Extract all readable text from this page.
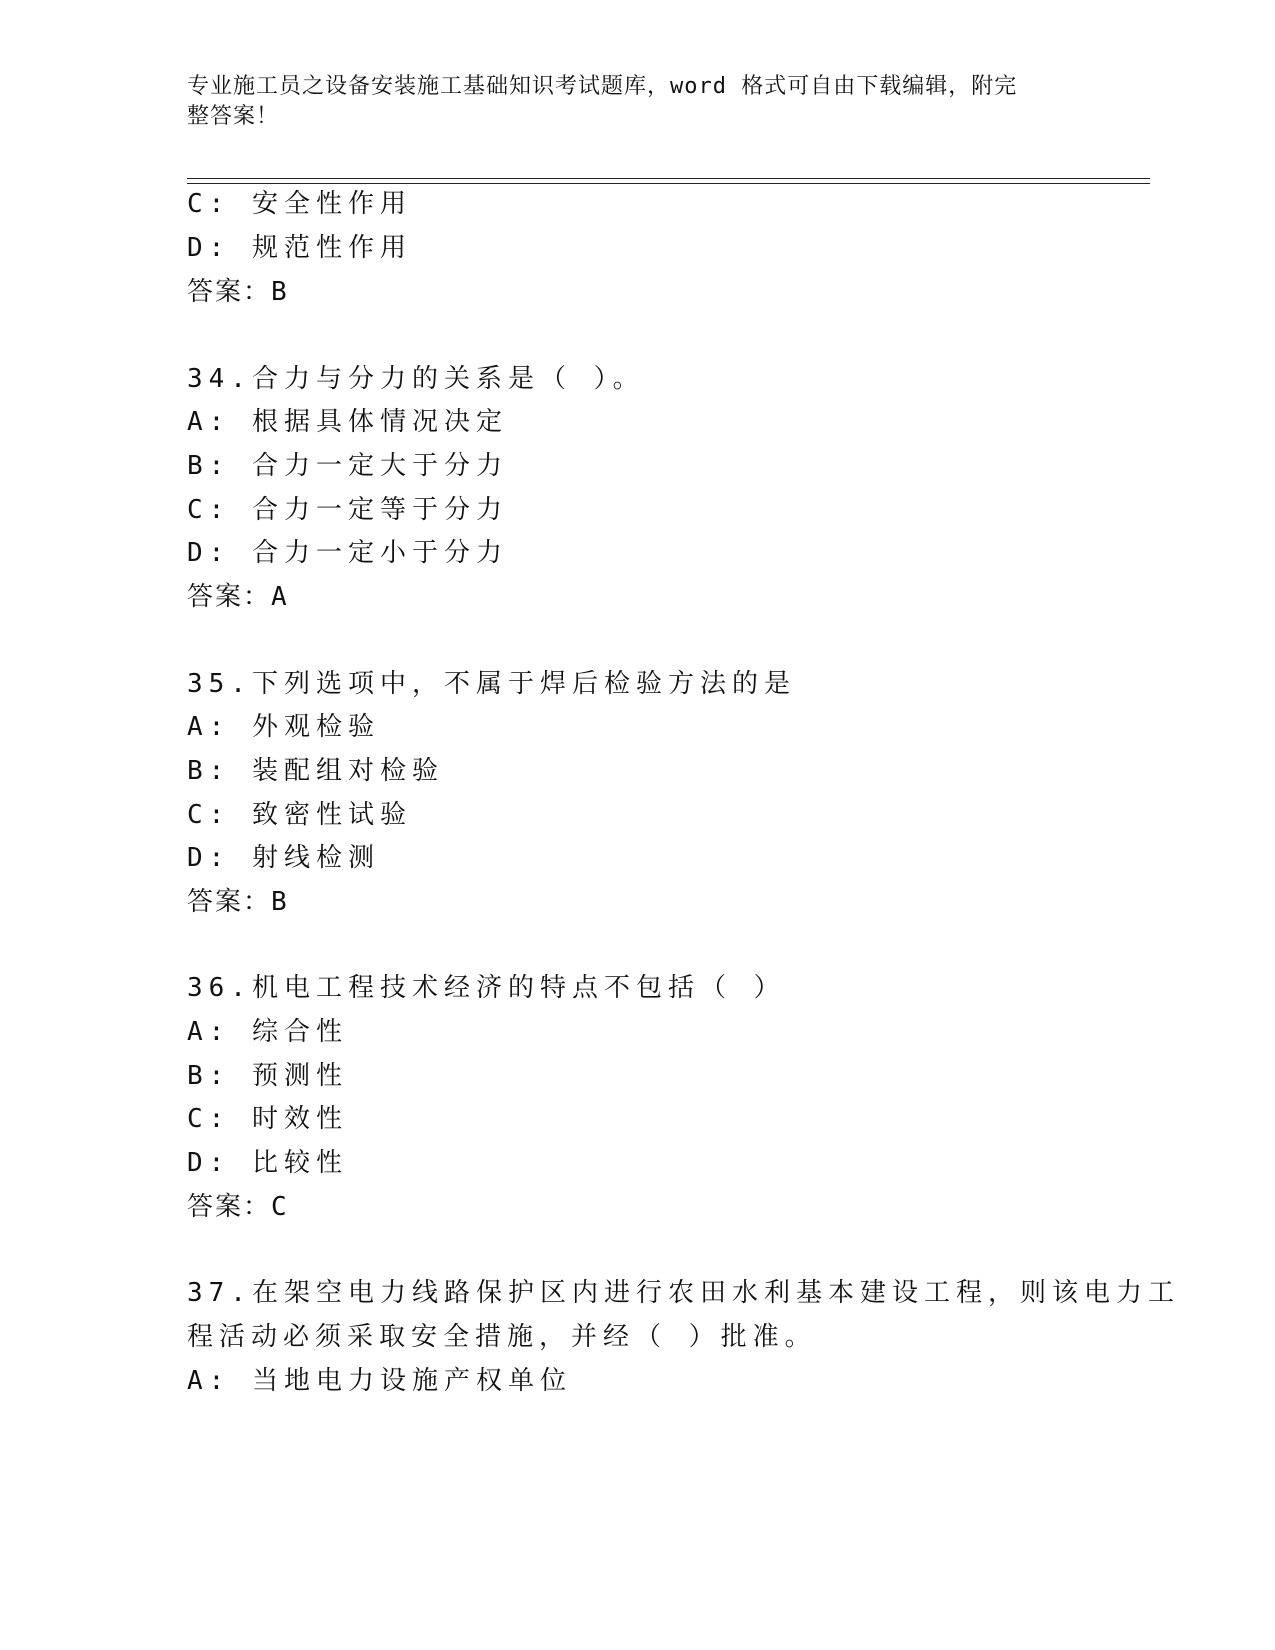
专业施工员之设备安装施工基础知识考试题库，word 格式可自由下载编辑，附完
整答案！
C: 安全性作用
D: 规范性作用
答案：B
34.合力与分力的关系是（ ）。
A: 根据具体情况决定
B: 合力一定大于分力
C: 合力一定等于分力
D: 合力一定小于分力
答案：A
35.下列选项中，不属于焊后检验方法的是
A: 外观检验
B: 装配组对检验
C: 致密性试验
D: 射线检测
答案：B
36.机电工程技术经济的特点不包括（ ）
A: 综合性
B: 预测性
C: 时效性
D: 比较性
答案：C
37.在架空电力线路保护区内进行农田水利基本建设工程，则该电力工
程活动必须采取安全措施，并经（ ）批准。
A: 当地电力设施产权单位
